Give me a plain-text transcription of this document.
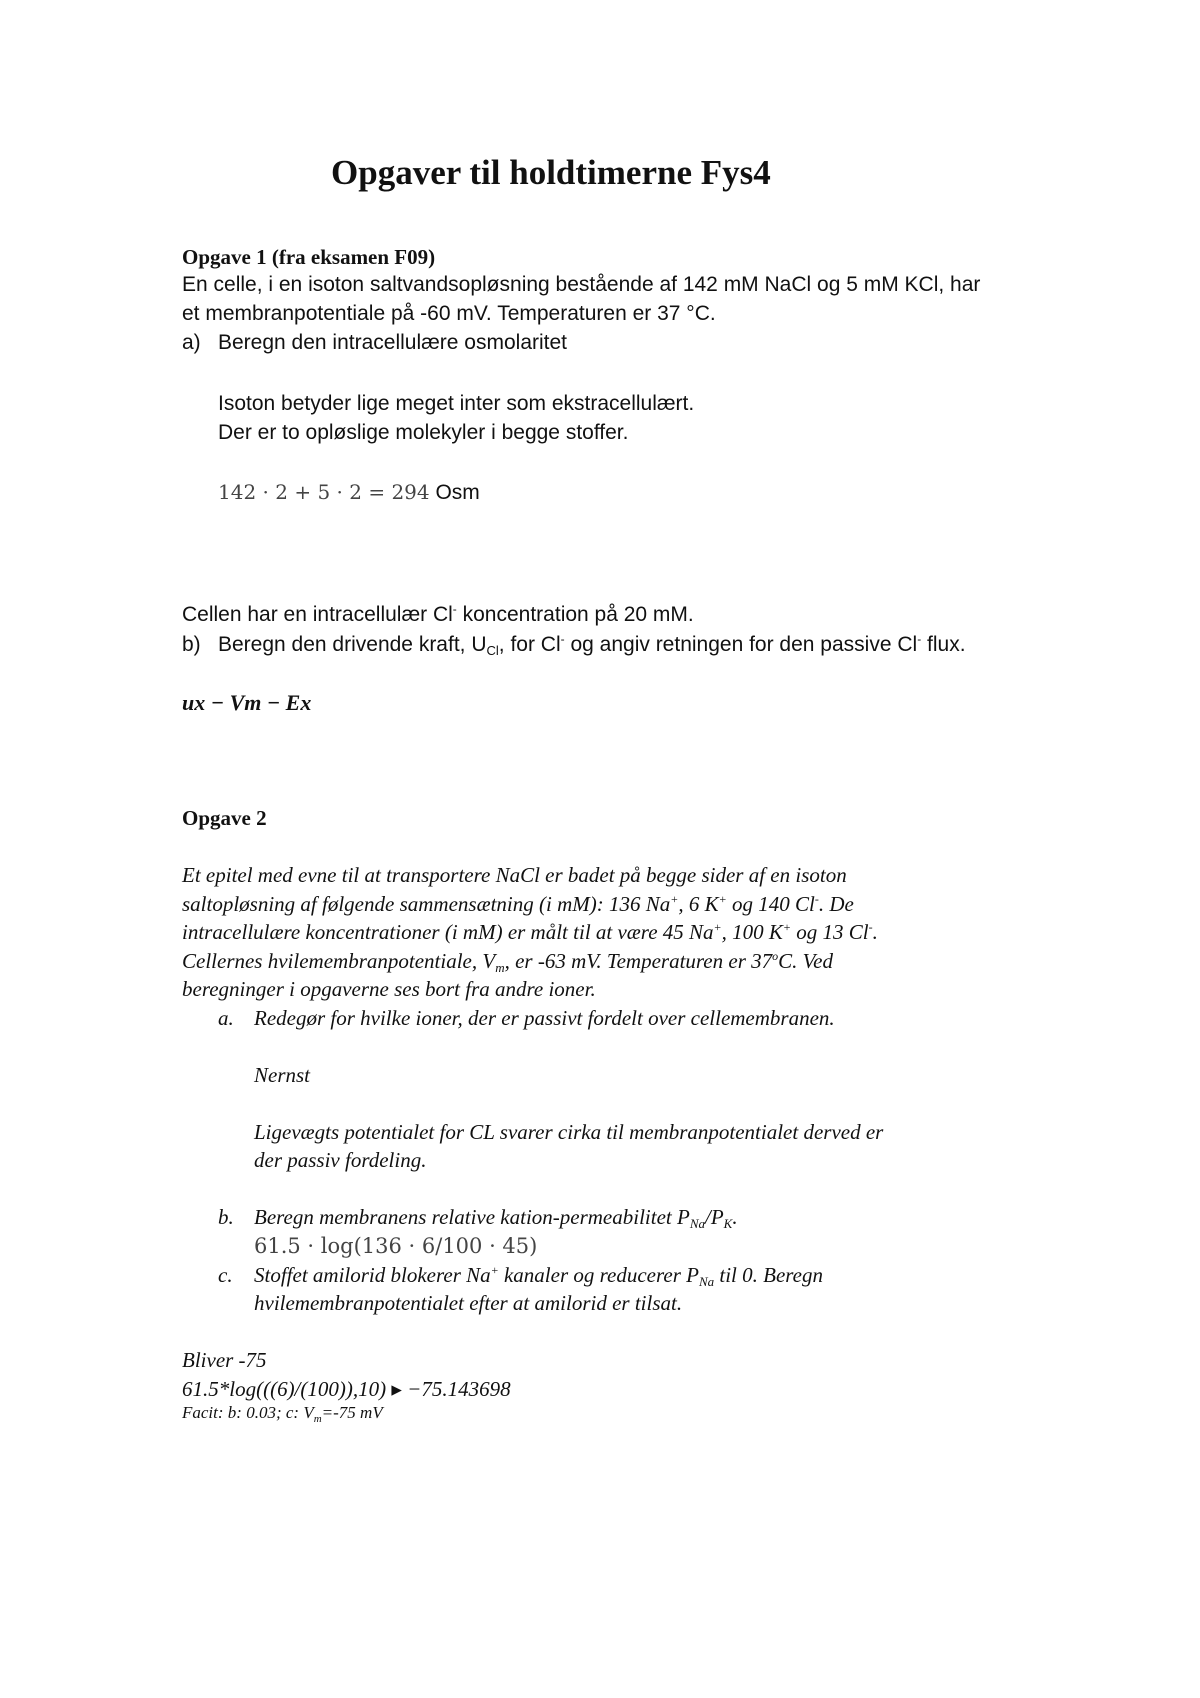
Opgaver til holdtimerne Fys4
Opgave 1 (fra eksamen F09)
En celle, i en isoton saltvandsopløsning bestående af 142 mM NaCl og 5 mM KCl, har
et membranpotentiale på -60 mV. Temperaturen er 37 °C.
a) Beregn den intracellulære osmolaritet
Isoton betyder lige meget inter som ekstracellulært.
Der er to opløslige molekyler i begge stoffer.
142 · 2 + 5 · 2 = 294 Osm
Cellen har en intracellulær Cl- koncentration på 20 mM.
b) Beregn den drivende kraft, UCl, for Cl- og angiv retningen for den passive Cl- flux.
ux − Vm − Ex
Opgave 2
Et epitel med evne til at transportere NaCl er badet på begge sider af en isoton
saltopløsning af følgende sammensætning (i mM): 136 Na+, 6 K+ og 140 Cl-. De
intracellulære koncentrationer (i mM) er målt til at være 45 Na+, 100 K+ og 13 Cl-.
Cellernes hvilemembranpotentiale, Vm, er -63 mV. Temperaturen er 37$^o$C. Ved
beregninger i opgaverne ses bort fra andre ioner.
a. Redegør for hvilke ioner, der er passivt fordelt over cellemembranen.
Nernst
Ligevægts potentialet for CL svarer cirka til membranpotentialet derved er
der passiv fordeling.
b. Beregn membranens relative kation-permeabilitet PNa/PK.
61.5 · log(136 · 6/100 · 45)
c. Stoffet amilorid blokerer Na+ kanaler og reducerer PNa til 0. Beregn
hvilemembranpotentialet efter at amilorid er tilsat.
Bliver -75
61.5*log(((6)/(100)),10) ▸ −75.143698
Facit: b: 0.03; c: $V_m=-75$ mV
